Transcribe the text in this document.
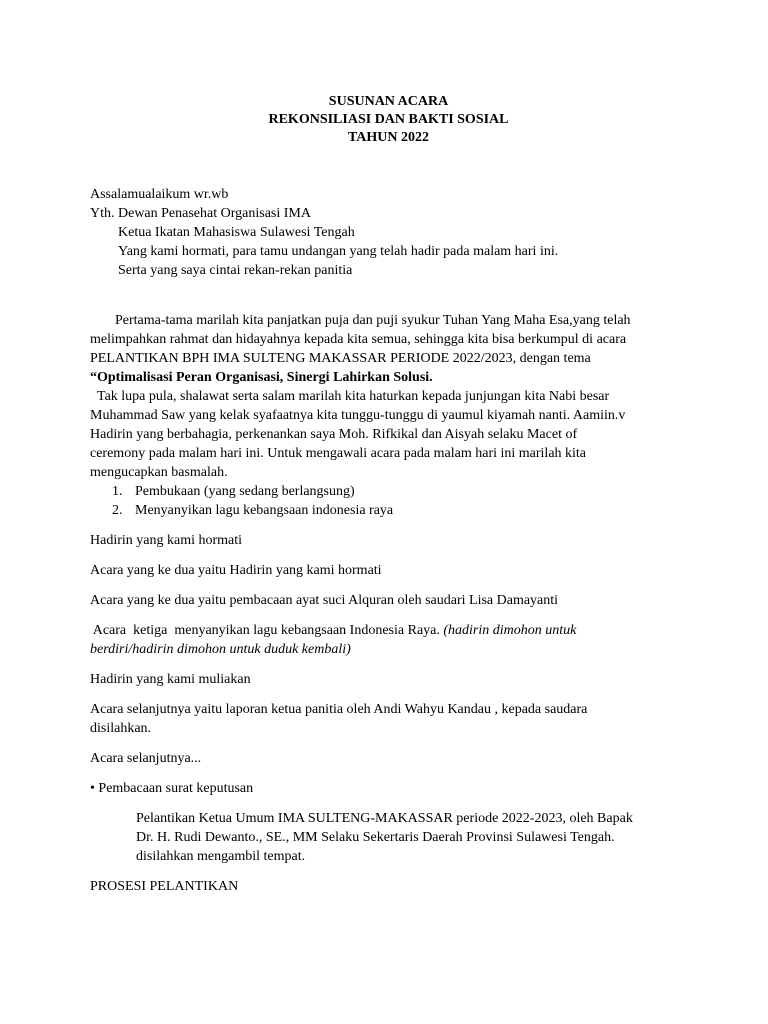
SUSUNAN ACARA
REKONSILIASI DAN BAKTI SOSIAL
TAHUN 2022
Assalamualaikum wr.wb
Yth. Dewan Penasehat Organisasi IMA
Ketua Ikatan Mahasiswa Sulawesi Tengah
Yang kami hormati, para tamu undangan yang telah hadir pada malam hari ini.
Serta yang saya cintai rekan-rekan panitia
Pertama-tama marilah kita panjatkan puja dan puji syukur Tuhan Yang Maha Esa,yang telah
melimpahkan rahmat dan hidayahnya kepada kita semua, sehingga kita bisa berkumpul di acara
PELANTIKAN BPH IMA SULTENG MAKASSAR PERIODE 2022/2023, dengan tema
“Optimalisasi Peran Organisasi, Sinergi Lahirkan Solusi.
Tak lupa pula, shalawat serta salam marilah kita haturkan kepada junjungan kita Nabi besar
Muhammad Saw yang kelak syafaatnya kita tunggu-tunggu di yaumul kiyamah nanti. Aamiin.v
Hadirin yang berbahagia, perkenankan saya Moh. Rifkikal dan Aisyah selaku Macet of
ceremony pada malam hari ini. Untuk mengawali acara pada malam hari ini marilah kita
mengucapkan basmalah.
1. Pembukaan (yang sedang berlangsung)
2. Menyanyikan lagu kebangsaan indonesia raya
Hadirin yang kami hormati
Acara yang ke dua yaitu Hadirin yang kami hormati
Acara yang ke dua yaitu pembacaan ayat suci Alquran oleh saudari Lisa Damayanti
Acara  ketiga  menyanyikan lagu kebangsaan Indonesia Raya. (hadirin dimohon untuk
berdiri/hadirin dimohon untuk duduk kembali)
Hadirin yang kami muliakan
Acara selanjutnya yaitu laporan ketua panitia oleh Andi Wahyu Kandau , kepada saudara
disilahkan.
Acara selanjutnya...
• Pembacaan surat keputusan
Pelantikan Ketua Umum IMA SULTENG-MAKASSAR periode 2022-2023, oleh Bapak
Dr. H. Rudi Dewanto., SE., MM Selaku Sekertaris Daerah Provinsi Sulawesi Tengah.
disilahkan mengambil tempat.
PROSESI PELANTIKAN
